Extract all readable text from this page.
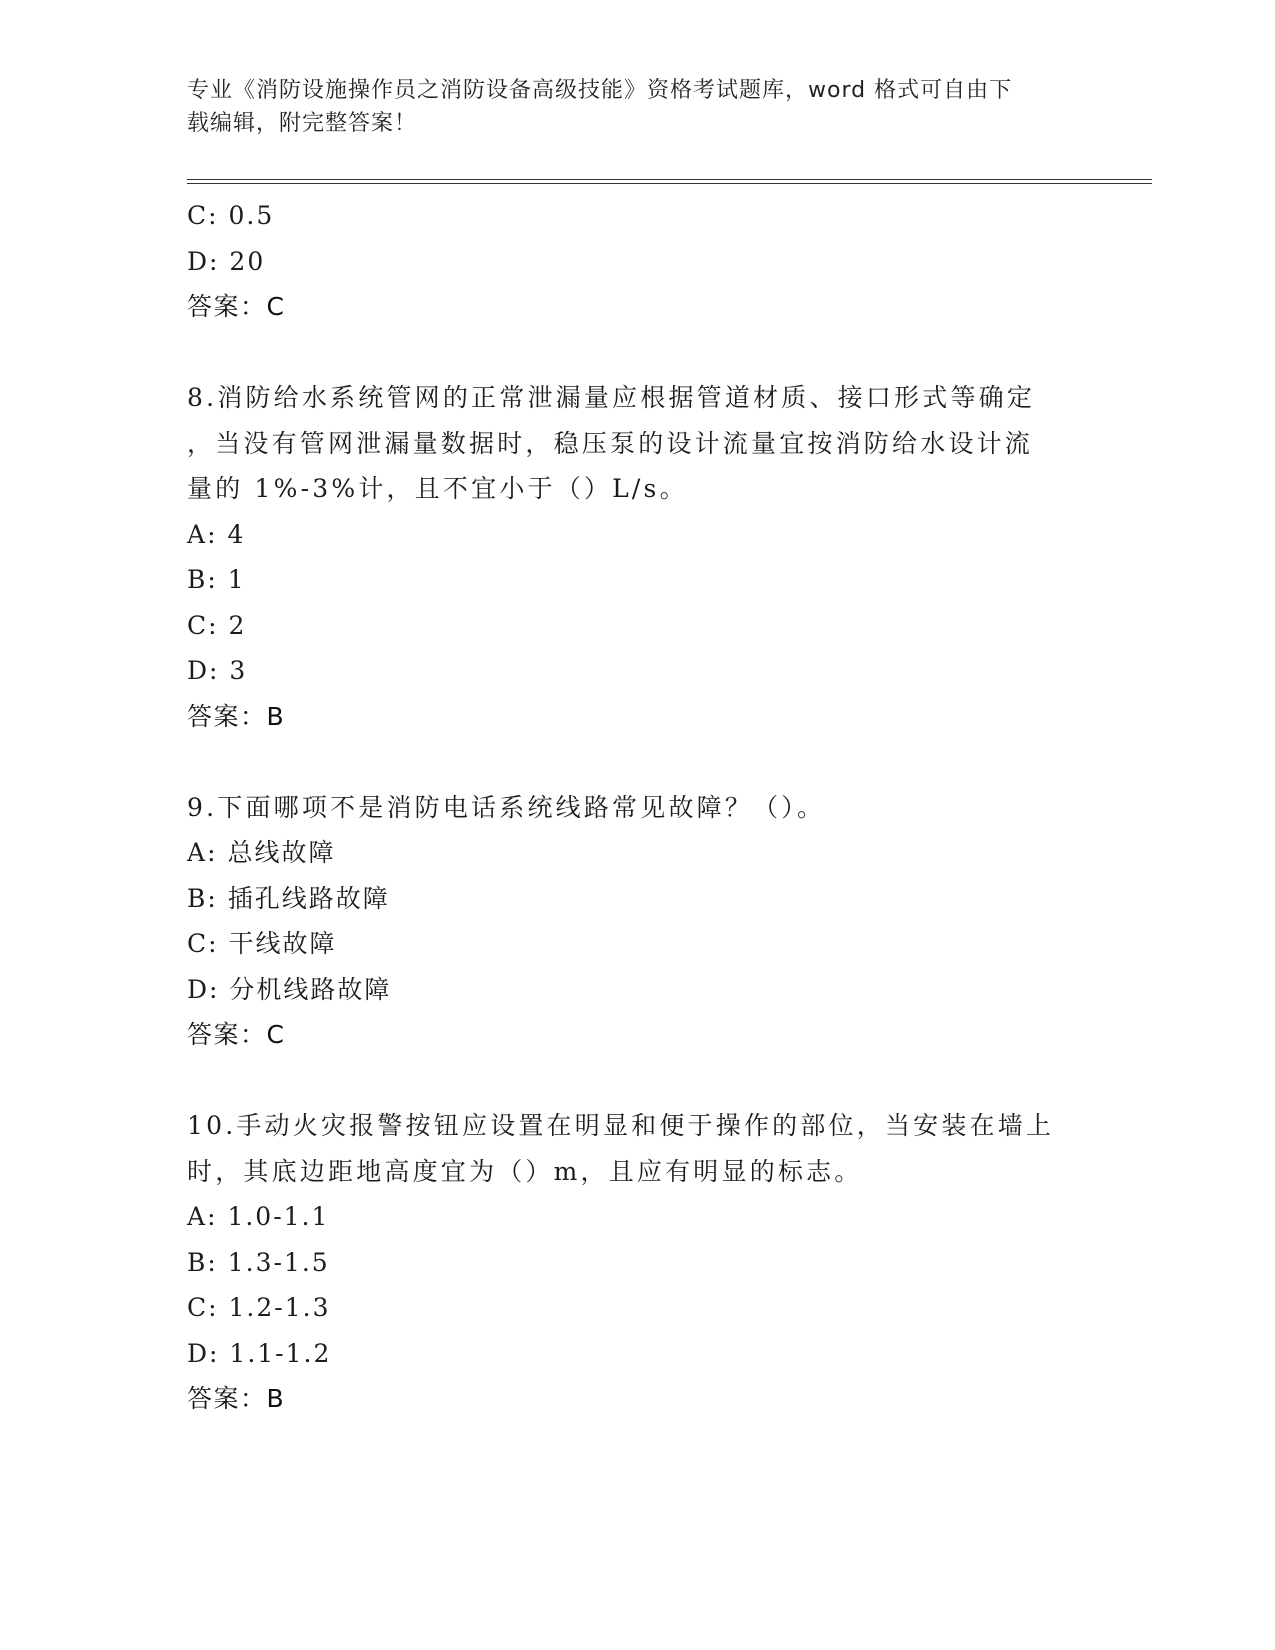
专业《消防设施操作员之消防设备高级技能》资格考试题库，word 格式可自由下
载编辑，附完整答案！
C: 0.5
D: 20
答案：C
8.消防给水系统管网的正常泄漏量应根据管道材质、接口形式等确定
，当没有管网泄漏量数据时，稳压泵的设计流量宜按消防给水设计流
量的 1%-3%计，且不宜小于（）L/s。
A: 4
B: 1
C: 2
D: 3
答案：B
9.下面哪项不是消防电话系统线路常见故障？（）。
A: 总线故障
B: 插孔线路故障
C: 干线故障
D: 分机线路故障
答案：C
10.手动火灾报警按钮应设置在明显和便于操作的部位，当安装在墙上
时，其底边距地高度宜为（）m，且应有明显的标志。
A: 1.0-1.1
B: 1.3-1.5
C: 1.2-1.3
D: 1.1-1.2
答案：B
